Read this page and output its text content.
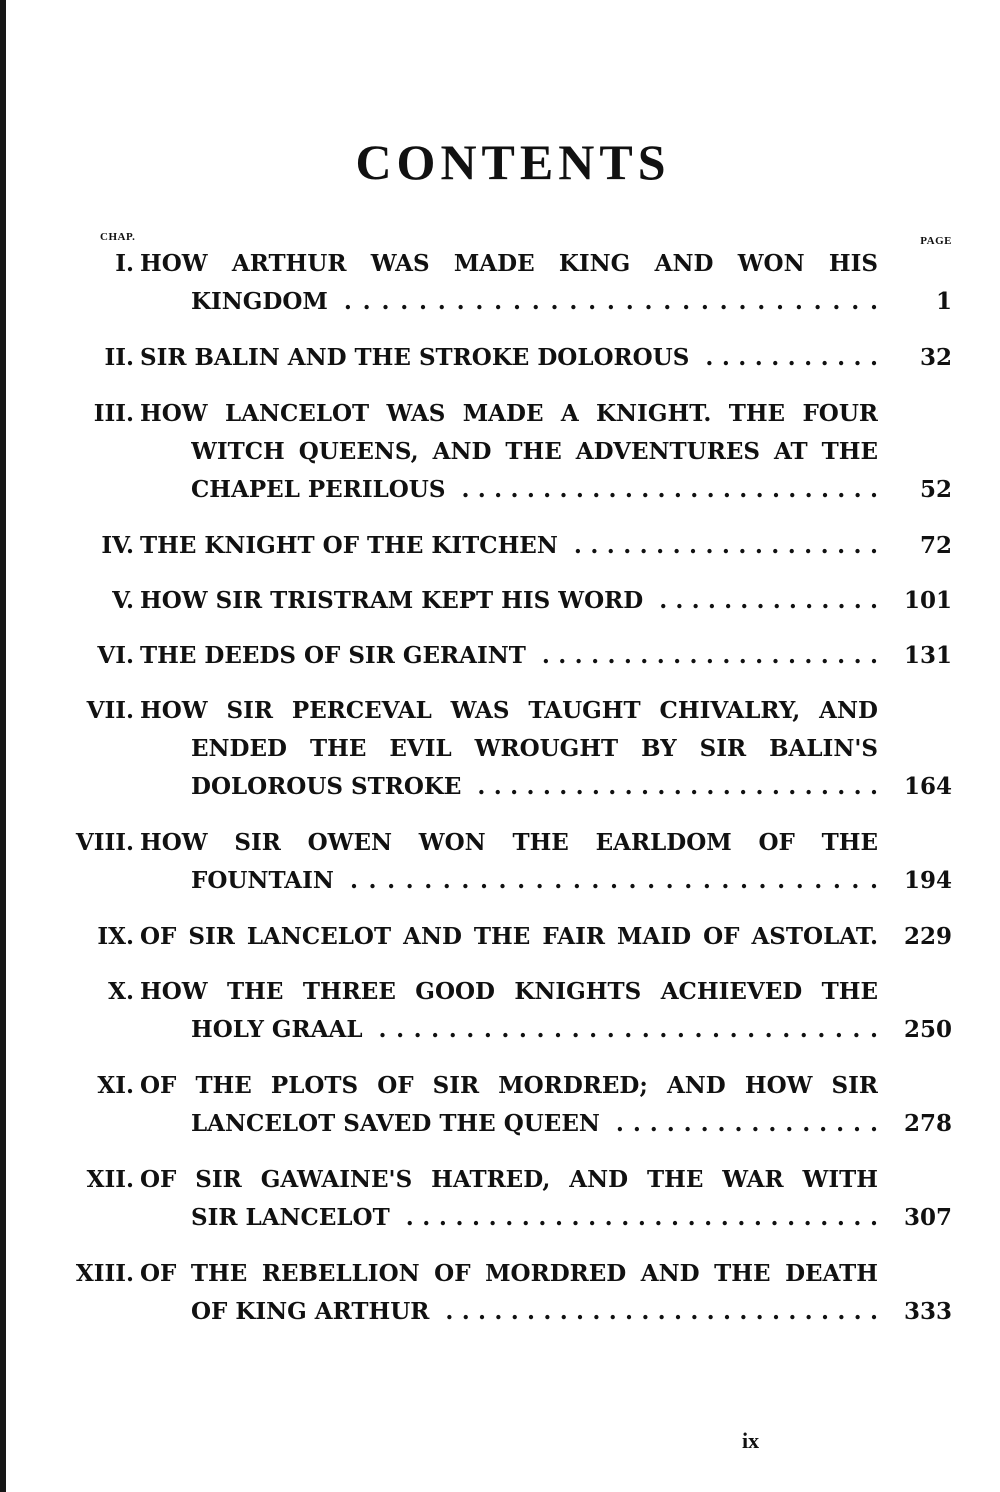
CONTENTS
CHAP.	PAGE
I. HOW ARTHUR WAS MADE KING AND WON HIS
KINGDOM . . . . . . . . . . . . . . . . . . . . . . . . . . . . .	1
II. SIR BALIN AND THE STROKE DOLOROUS . . . . . . . . . . . 32
III. HOW LANCELOT WAS MADE A KNIGHT. THE FOUR
WITCH QUEENS, AND THE ADVENTURES AT THE
CHAPEL PERILOUS . . . . . . . . . . . . . . . . . . . . . . . . . . 52
IV. THE KNIGHT OF THE KITCHEN . . . . . . . . . . . . . . . . . . . 72
V. HOW SIR TRISTRAM KEPT HIS WORD . . . . . . . . . . . . . . 101
VI. THE DEEDS OF SIR GERAINT . . . . . . . . . . . . . . . . . . . . . 131
VII. HOW SIR PERCEVAL WAS TAUGHT CHIVALRY, AND
ENDED THE EVIL WROUGHT BY SIR BALIN'S
DOLOROUS STROKE . . . . . . . . . . . . . . . . . . . . . . . . . 164
VIII. HOW SIR OWEN WON THE EARLDOM OF THE
FOUNTAIN . . . . . . . . . . . . . . . . . . . . . . . . . . . . . 194
IX. OF SIR LANCELOT AND THE FAIR MAID OF ASTOLAT. 229
X. HOW THE THREE GOOD KNIGHTS ACHIEVED THE
HOLY GRAAL . . . . . . . . . . . . . . . . . . . . . . . . . . . . . 250
XI. OF THE PLOTS OF SIR MORDRED; AND HOW SIR
LANCELOT SAVED THE QUEEN . . . . . . . . . . . . . . . . 278
XII. OF SIR GAWAINE'S HATRED, AND THE WAR WITH
SIR LANCELOT . . . . . . . . . . . . . . . . . . . . . . . . . . . . . 307
XIII. OF THE REBELLION OF MORDRED AND THE DEATH
OF KING ARTHUR . . . . . . . . . . . . . . . . . . . . . . . . . . . 333
ix
